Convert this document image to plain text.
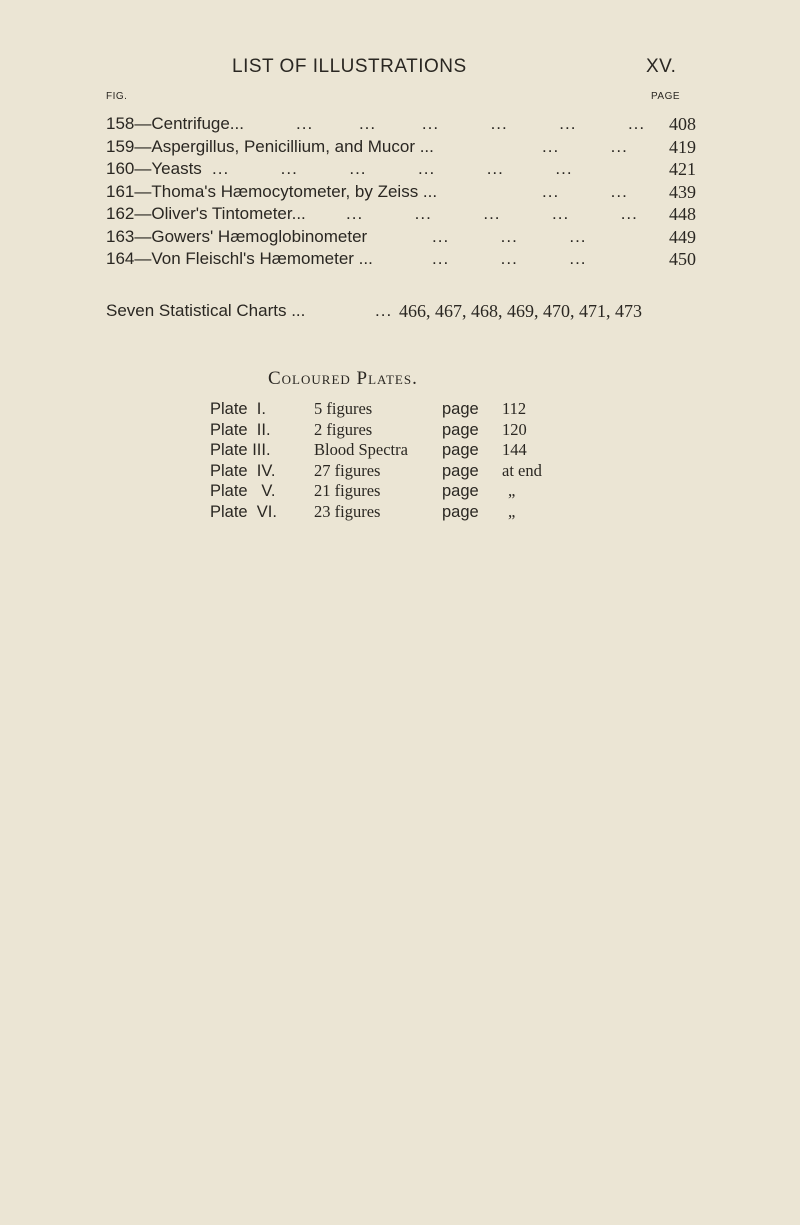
LIST OF ILLUSTRATIONS	XV.
FIG.	PAGE
158—Centrifuge...	...        ...        ...         ...         ...         ... 408
159—Aspergillus, Penicillium, and Mucor ...	...         ... 419
160—Yeasts ...         ...         ...         ...         ...         ...	421
161—Thoma's Hæmocytometer, by Zeiss ...	...         ... 439
162—Oliver's Tintometer... ...         ...         ...         ...         ... 448
163—Gowers' Hæmoglobinometer	...         ...         ...	449
164—Von Fleischl's Hæmometer ...	...         ...         ...	450
Seven Statistical Charts ...	... 466, 467, 468, 469, 470, 471, 473
Coloured Plates.
Plate  I.	5 figures	page 112
Plate  II.	2 figures	page 120
Plate III.	Blood Spectra page 144
Plate  IV. 27 figures	page at end
Plate   V. 21 figures	page „
Plate  VI. 23 figures	page „
